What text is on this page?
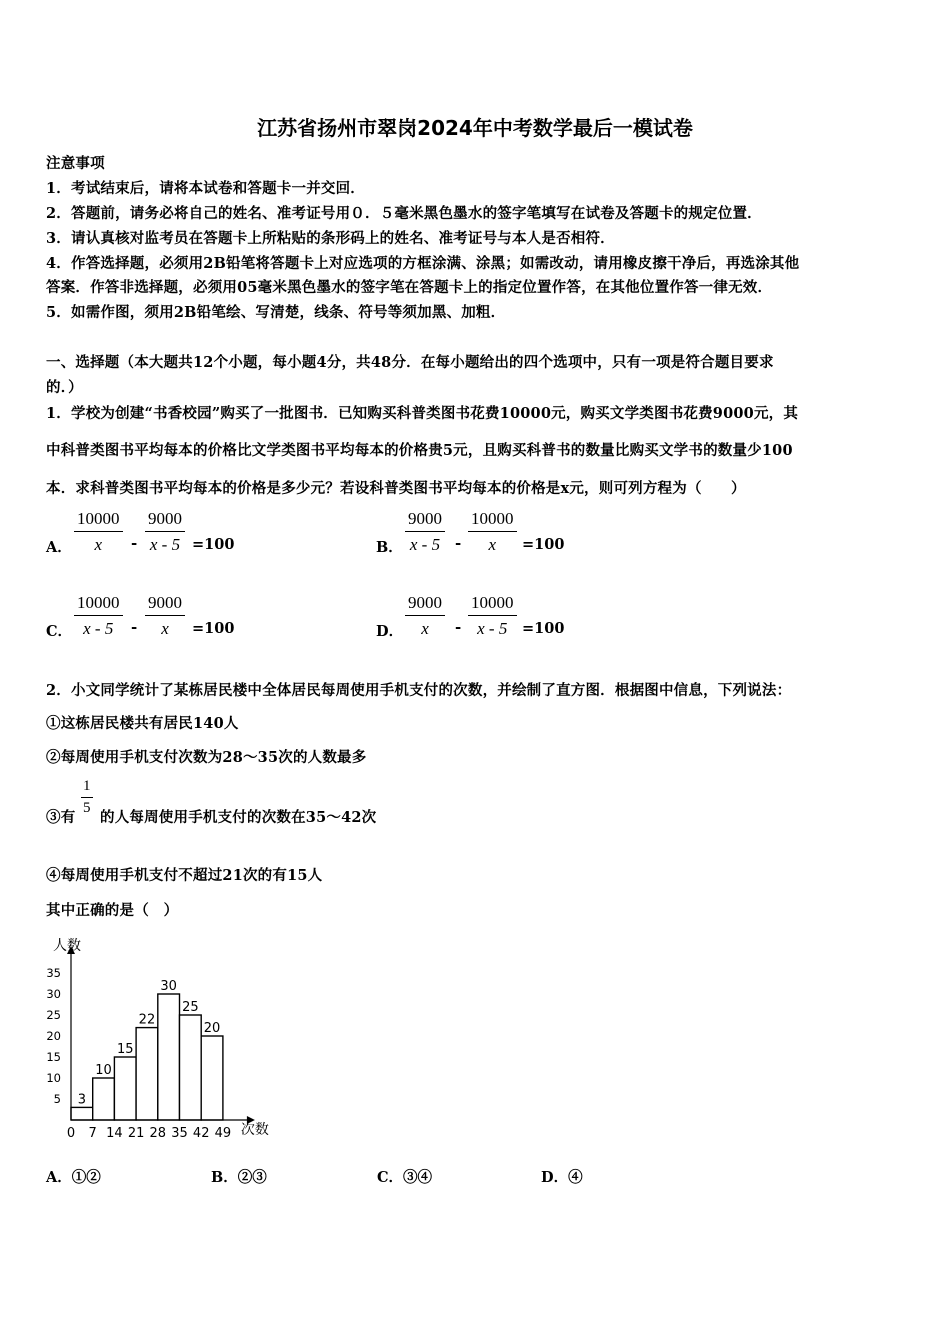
江苏省扬州市翠岗2024年中考数学最后一模试卷
注意事项
1．考试结束后，请将本试卷和答题卡一并交回．
2．答题前，请务必将自己的姓名、准考证号用０．５毫米黑色墨水的签字笔填写在试卷及答题卡的规定位置．
3．请认真核对监考员在答题卡上所粘贴的条形码上的姓名、准考证号与本人是否相符．
4．作答选择题，必须用2B铅笔将答题卡上对应选项的方框涂满、涂黑；如需改动，请用橡皮擦干净后，再选涂其他
答案．作答非选择题，必须用05毫米黑色墨水的签字笔在答题卡上的指定位置作答，在其他位置作答一律无效．
5．如需作图，须用2B铅笔绘、写清楚，线条、符号等须加黑、加粗．
一、选择题（本大题共12个小题，每小题4分，共48分．在每小题给出的四个选项中，只有一项是符合题目要求
的．）
1．学校为创建“书香校园”购买了一批图书．已知购买科普类图书花费10000元，购买文学类图书花费9000元，其
中科普类图书平均每本的价格比文学类图书平均每本的价格贵5元，且购买科普书的数量比购买文学书的数量少100
本．求科普类图书平均每本的价格是多少元？若设科普类图书平均每本的价格是x元，则可列方程为（　　）
A． $\frac{10000}{x} - \frac{9000}{x - 5} =100$	B． $\frac{9000}{x - 5} - \frac{10000}{x} =100$
C． $\frac{10000}{x - 5} - \frac{9000}{x} =100$	D． $\frac{9000}{x} - \frac{10000}{x - 5} =100$
2．小文同学统计了某栋居民楼中全体居民每周使用手机支付的次数，并绘制了直方图．根据图中信息，下列说法：
①这栋居民楼共有居民140人
②每周使用手机支付次数为28～35次的人数最多
③有
$\frac{1}{5}$
的人每周使用手机支付的次数在35～42次
④每周使用手机支付不超过21次的有15人
其中正确的是（　）
3
10
15
22
30
25
20
5
10
15
20
25
30
35
0 7 14 21 28 35 42 49
人数
次数
A．①②	B．②③	C．③④	D．④
